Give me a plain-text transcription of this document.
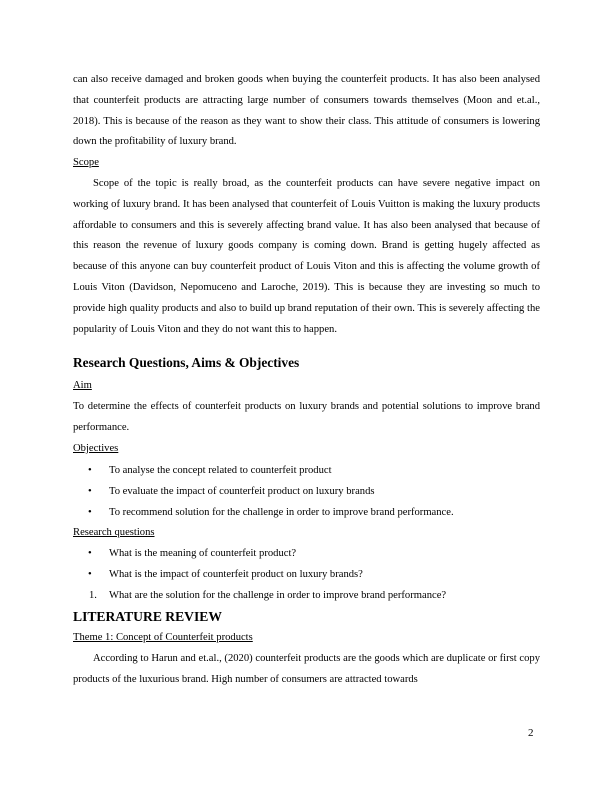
can also receive damaged and broken goods when buying the counterfeit products. It has also been analysed that counterfeit products are attracting large number of consumers towards themselves (Moon and et.al., 2018). This is because of the reason as they want to show their class. This attitude of consumers is lowering down the profitability of luxury brand.

Scope

Scope of the topic is really broad, as the counterfeit products can have severe negative impact on working of luxury brand. It has been analysed that counterfeit of Louis Vuitton is making the luxury products affordable to consumers and this is severely affecting brand value. It has also been analysed that because of this reason the revenue of luxury goods company is coming down. Brand is getting hugely affected as because of this anyone can buy counterfeit product of Louis Viton and this is affecting the volume growth of Louis Viton (Davidson, Nepomuceno and Laroche, 2019). This is because they are investing so much to provide high quality products and also to build up brand reputation of their own. This is severely affecting the popularity of Louis Viton and they do not want this to happen.

Research Questions, Aims & Objectives
Aim

To determine the effects of counterfeit products on luxury brands and potential solutions to improve brand performance.

Objectives
• To analyse the concept related to counterfeit product
• To evaluate the impact of counterfeit product on luxury brands
• To recommend solution for the challenge in order to improve brand performance.
Research questions
• What is the meaning of counterfeit product?
• What is the impact of counterfeit product on luxury brands?
1. What are the solution for the challenge in order to improve brand performance?
LITERATURE REVIEW
Theme 1: Concept of Counterfeit products

According to Harun and et.al., (2020) counterfeit products are the goods which are duplicate or first copy products of the luxurious brand. High number of consumers are attracted towards

2
